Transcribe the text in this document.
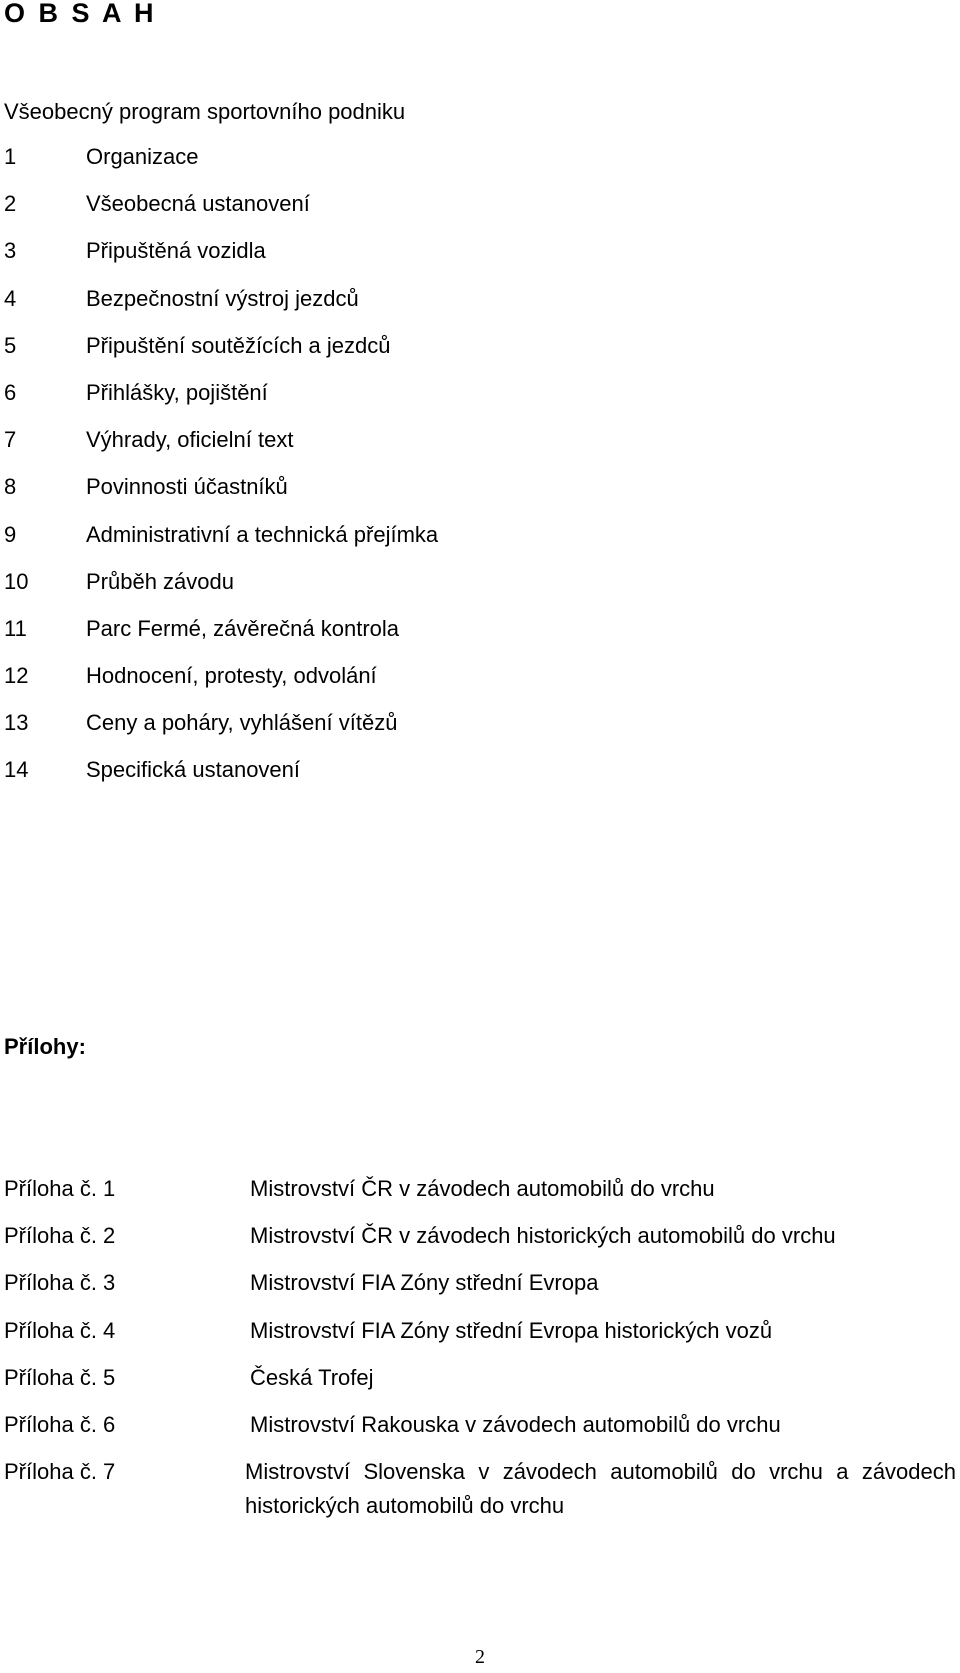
O B S A H
Všeobecný program sportovního podniku
1	Organizace
2	Všeobecná ustanovení
3	Připuštěná vozidla
4	Bezpečnostní výstroj jezdců
5	Připuštění soutěžících a jezdců
6	Přihlášky, pojištění
7	Výhrady, oficielní text
8	Povinnosti účastníků
9	Administrativní a technická přejímka
10	Průběh závodu
11	Parc Fermé, závěrečná kontrola
12	Hodnocení, protesty, odvolání
13	Ceny a poháry, vyhlášení vítězů
14	Specifická ustanovení
Přílohy:
Příloha č. 1	Mistrovství ČR v závodech automobilů do vrchu
Příloha č. 2	Mistrovství ČR v závodech historických automobilů do vrchu
Příloha č. 3	Mistrovství FIA Zóny střední Evropa
Příloha č. 4	Mistrovství FIA Zóny střední Evropa historických vozů
Příloha č. 5	Česká Trofej
Příloha č. 6	Mistrovství Rakouska v závodech automobilů do vrchu
Příloha č. 7	Mistrovství Slovenska v závodech automobilů do vrchu a závodech historických automobilů do vrchu
2
